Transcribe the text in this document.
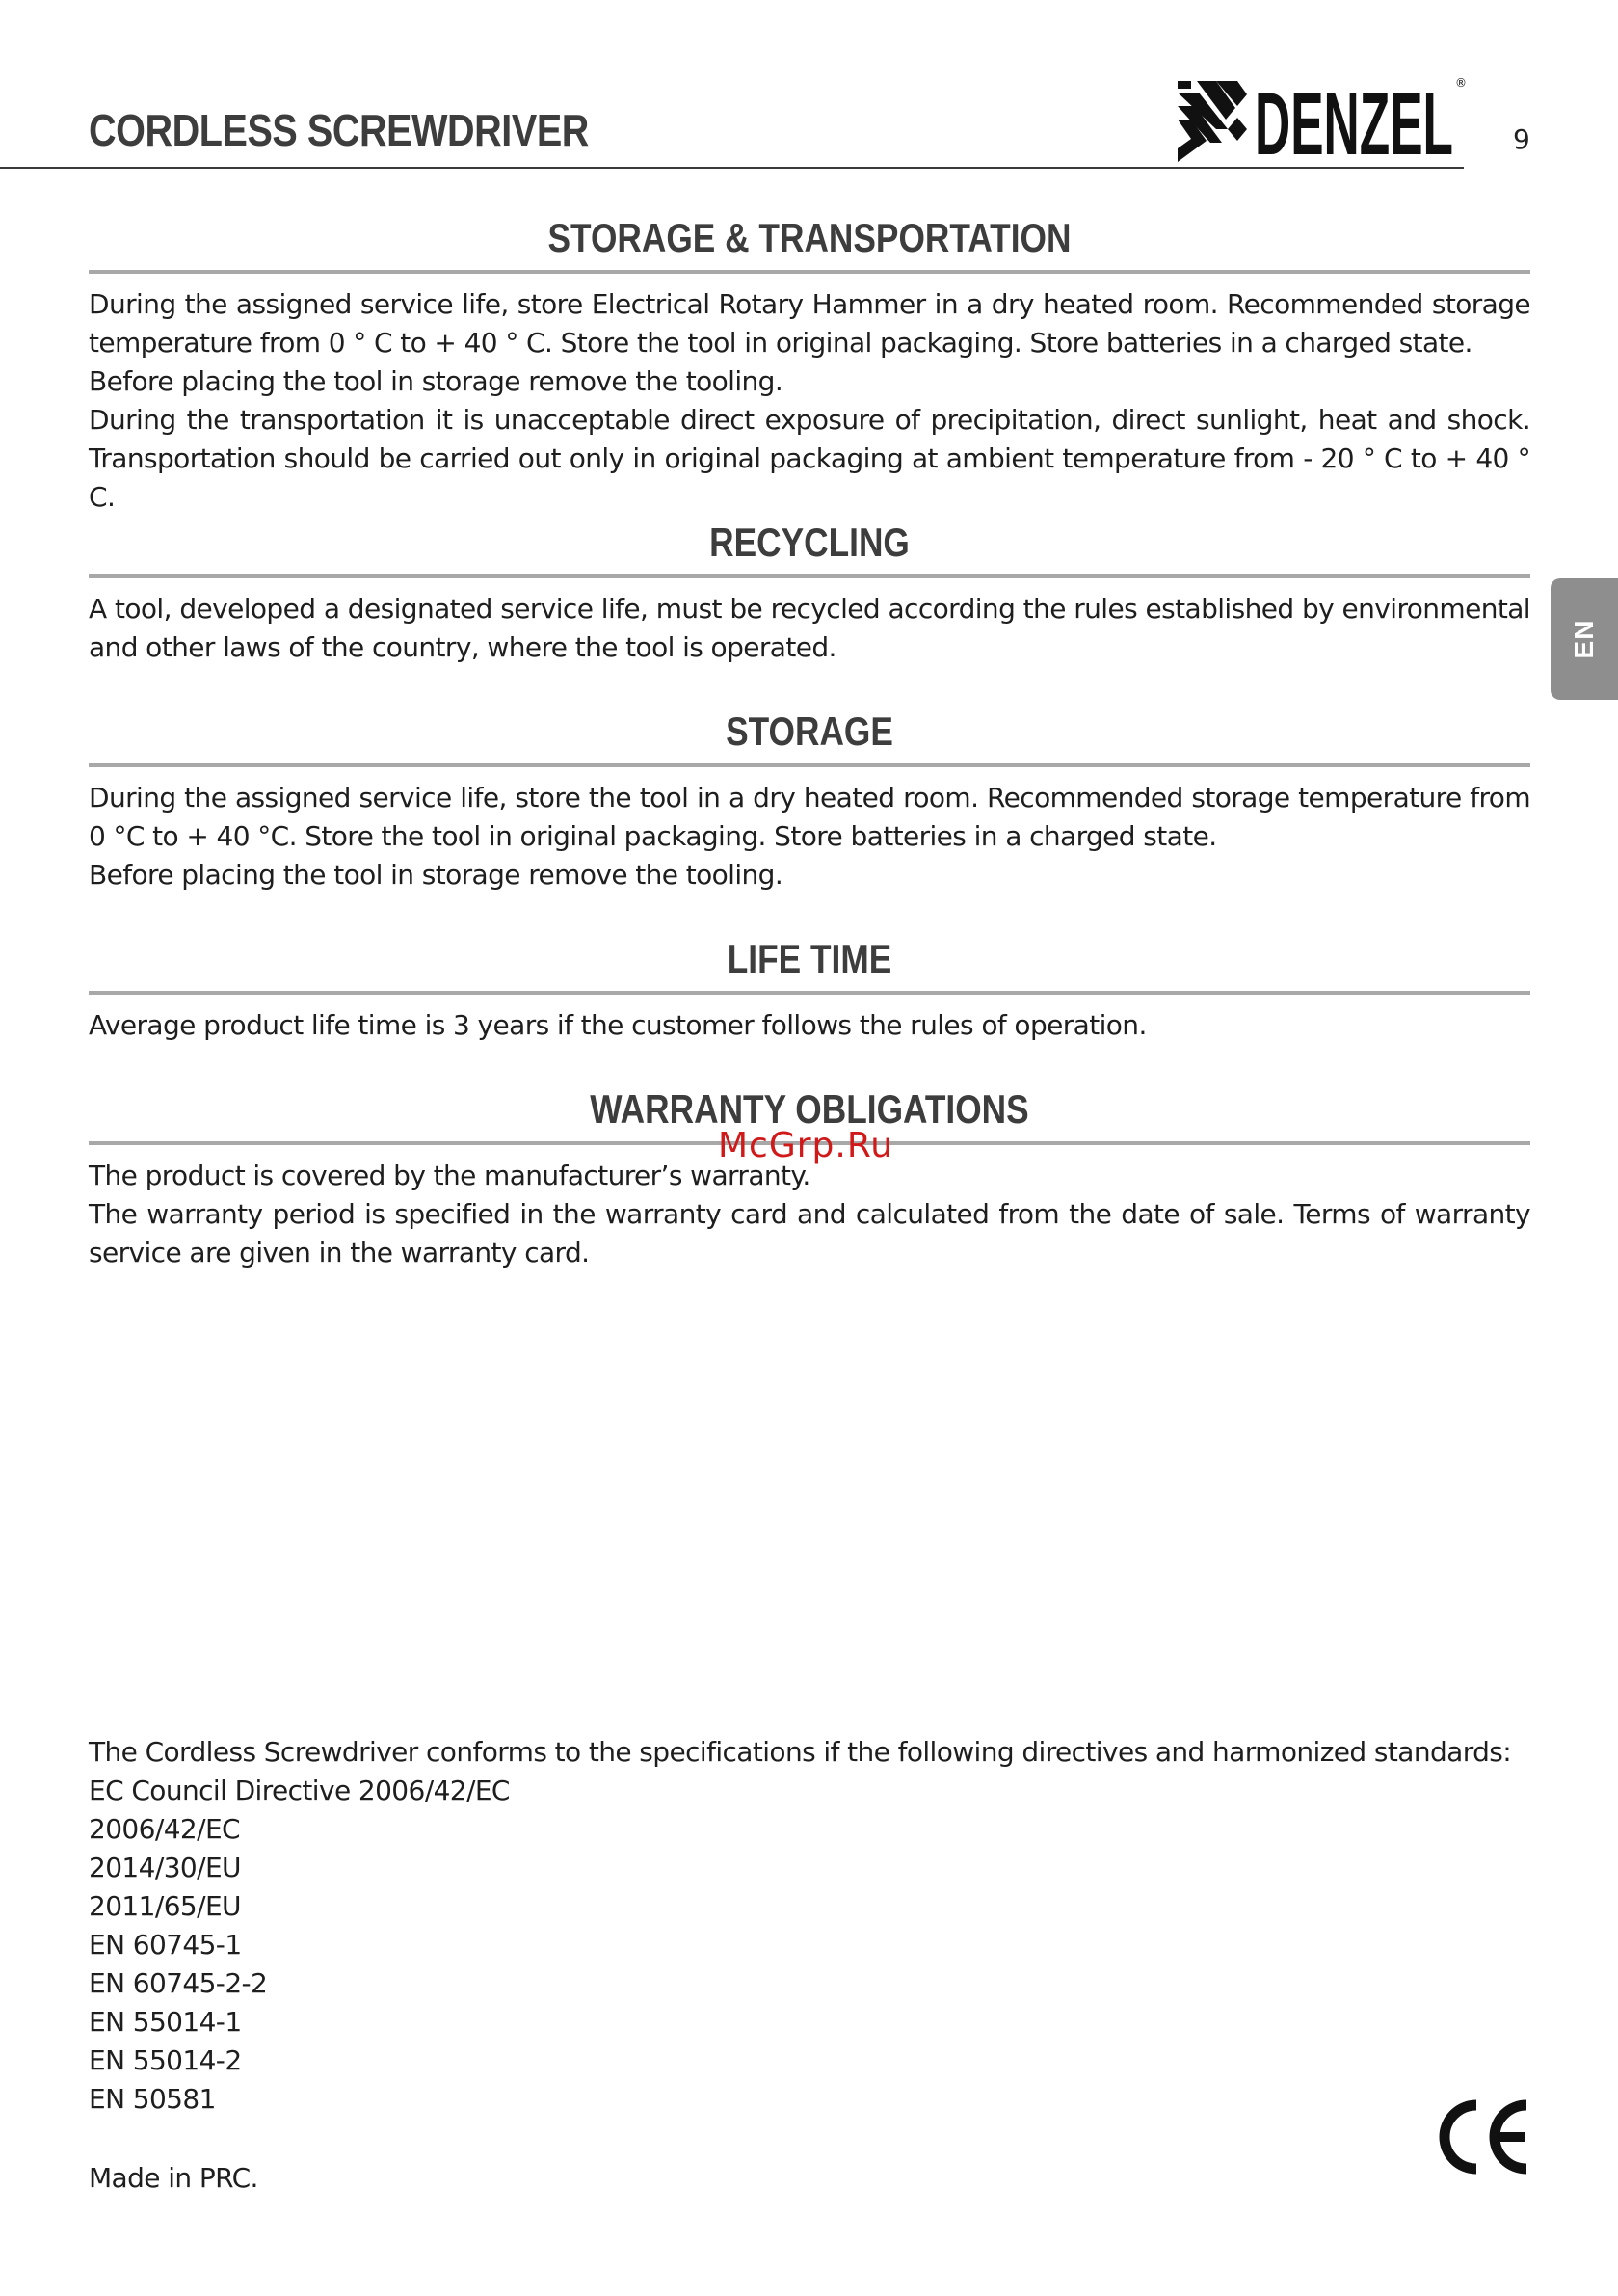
CORDLESS SCREWDRIVER	DENZEL ®
9
EN
STORAGE & TRANSPORTATION

During the assigned service life, store Electrical Rotary Hammer in a dry heated room. Recommended storage temperature from 0 ° C to + 40 ° C. Store the tool in original packaging. Store batteries in a charged state.

Before placing the tool in storage remove the tooling.

During the transportation it is unacceptable direct exposure of precipitation, direct sunlight, heat and shock. Transportation should be carried out only in original packaging at ambient temperature from - 20 ° C to + 40 ° C.

RECYCLING

A tool, developed a designated service life, must be recycled according the rules established by environmental and other laws of the country, where the tool is operated.

STORAGE

During the assigned service life, store the tool in a dry heated room. Recommended storage temperature from 0 °C to + 40 °C. Store the tool in original packaging. Store batteries in a charged state.

Before placing the tool in storage remove the tooling.

LIFE TIME

Average product life time is 3 years if the customer follows the rules of operation.

WARRANTY OBLIGATIONS

The product is covered by the manufacturer’s warranty.

The warranty period is specified in the warranty card and calculated from the date of sale. Terms of warranty service are given in the warranty card.

McGrp.Ru
The Cordless Screwdriver conforms to the specifications if the following directives and harmonized standards:
EC Council Directive 2006/42/EC
2006/42/EC
2014/30/EU
2011/65/EU
EN 60745-1
EN 60745-2-2
EN 55014-1
EN 55014-2
EN 50581
Made in PRC.
